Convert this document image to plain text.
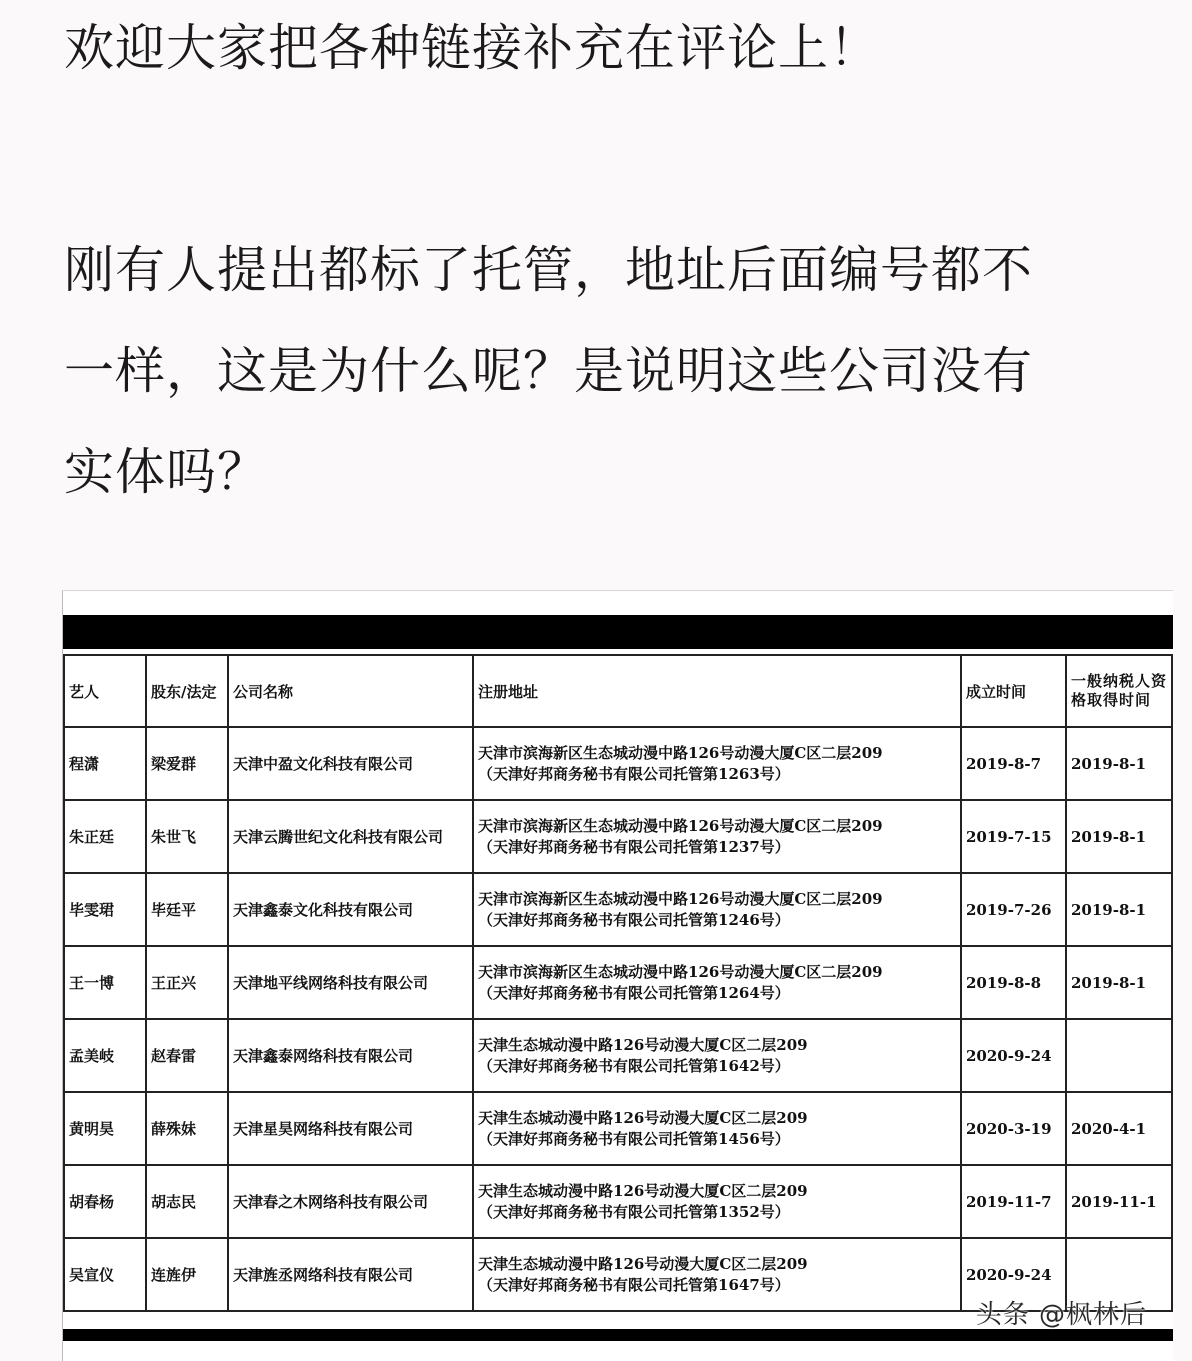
欢迎大家把各种链接补充在评论上！

刚有人提出都标了托管，地址后面编号都不

一样，这是为什么呢？是说明这些公司没有

实体吗？

艺人	股东/法定	公司名称	注册地址	成立时间	一般纳税人资格取得时间
程潇	梁爱群	天津中盈文化科技有限公司	天津市滨海新区生态城动漫中路126号动漫大厦C区二层209
（天津好邦商务秘书有限公司托管第1263号）	2019-8-7	2019-8-1
朱正廷	朱世飞	天津云腾世纪文化科技有限公司	天津市滨海新区生态城动漫中路126号动漫大厦C区二层209
（天津好邦商务秘书有限公司托管第1237号）	2019-7-15	2019-8-1
毕雯珺	毕廷平	天津鑫泰文化科技有限公司	天津市滨海新区生态城动漫中路126号动漫大厦C区二层209
（天津好邦商务秘书有限公司托管第1246号）	2019-7-26	2019-8-1
王一博	王正兴	天津地平线网络科技有限公司	天津市滨海新区生态城动漫中路126号动漫大厦C区二层209
（天津好邦商务秘书有限公司托管第1264号）	2019-8-8	2019-8-1
孟美岐	赵春雷	天津鑫泰网络科技有限公司	天津生态城动漫中路126号动漫大厦C区二层209
（天津好邦商务秘书有限公司托管第1642号）	2020-9-24	
黄明昊	薛殊妹	天津星昊网络科技有限公司	天津生态城动漫中路126号动漫大厦C区二层209
（天津好邦商务秘书有限公司托管第1456号）	2020-3-19	2020-4-1
胡春杨	胡志民	天津春之木网络科技有限公司	天津生态城动漫中路126号动漫大厦C区二层209
（天津好邦商务秘书有限公司托管第1352号）	2019-11-7	2019-11-1
吴宣仪	连旌伊	天津旌丞网络科技有限公司	天津生态城动漫中路126号动漫大厦C区二层209
（天津好邦商务秘书有限公司托管第1647号）	2020-9-24	
头条 @枫林后
